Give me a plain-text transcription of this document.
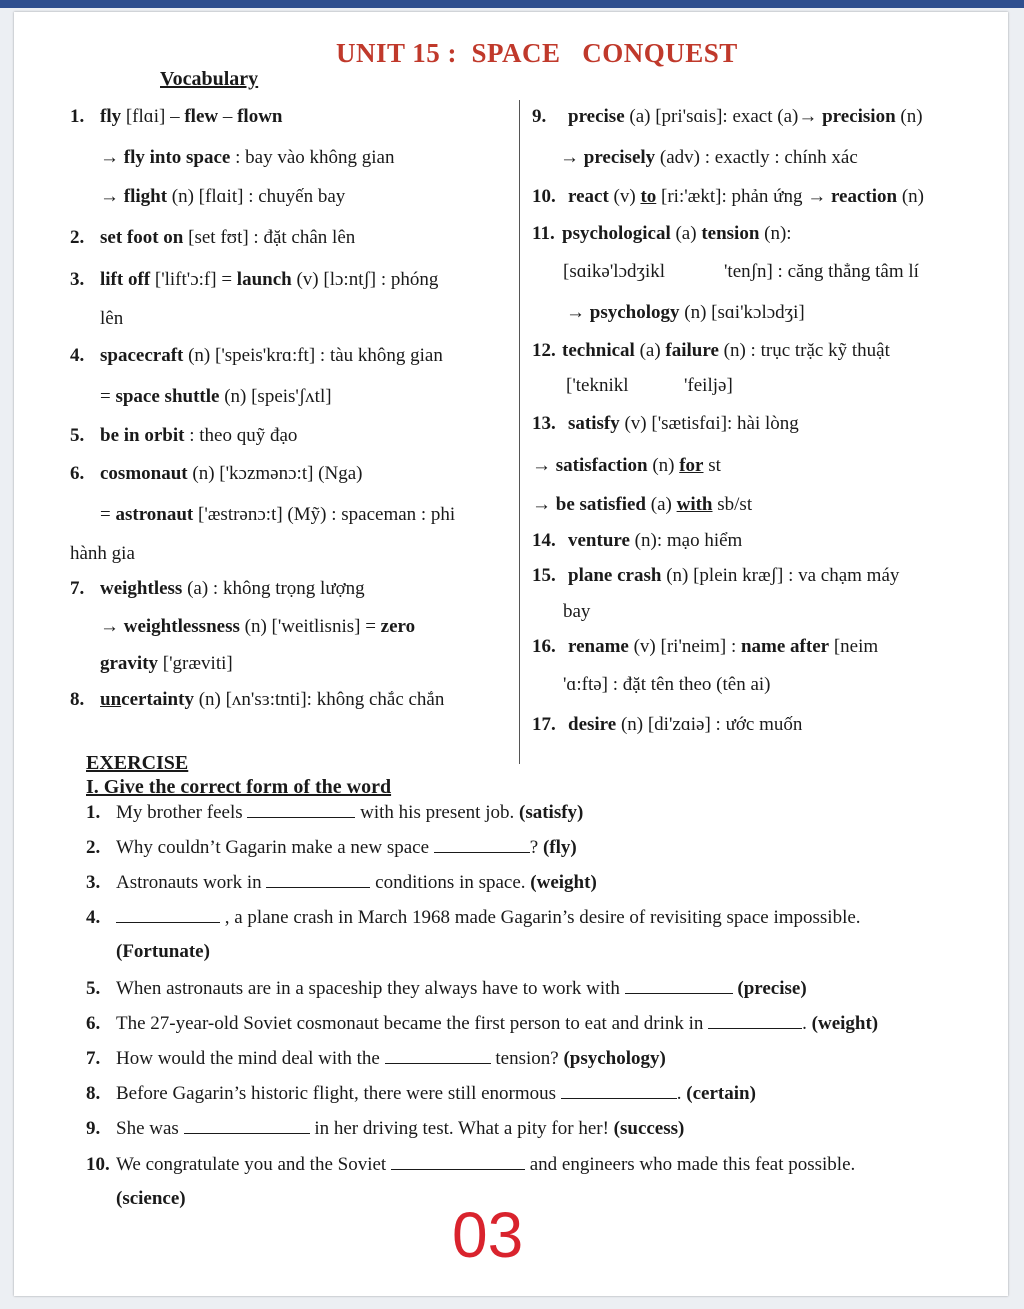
UNIT 15 :  SPACE   CONQUEST
Vocabulary
1. fly [flɑi] – flew – flown
→ fly into space : bay vào không gian
→ flight (n) [flɑit] : chuyến bay
2. set foot on [set fʊt] : đặt chân lên
3. lift off ['lift'ɔ:f] = launch (v) [lɔ:ntʃ] : phóng
lên
4. spacecraft (n) ['speis'krɑ:ft] : tàu không gian
= space shuttle (n) [speis'ʃʌtl]
5. be in orbit : theo quỹ đạo
6. cosmonaut (n) ['kɔzmənɔ:t] (Nga)
= astronaut ['æstrənɔ:t] (Mỹ) : spaceman : phi
hành gia
7. weightless (a) : không trọng lượng
→ weightlessness (n) ['weitlisnis] = zero
gravity ['grӕviti]
8. uncertainty (n) [ʌn'sɜ:tnti]: không chắc chắn
9. precise (a) [pri'sɑis]: exact (a)→ precision (n)
→ precisely (adv) : exactly : chính xác
10. react (v) to [ri:'ӕkt]: phản ứng → reaction (n)
11. psychological (a) tension (n):
[sɑikə'lɔdʒikl	'tenʃn] : căng thẳng tâm lí
→ psychology (n) [sɑi'kɔlɔdʒi]
12. technical (a) failure (n) : trục trặc kỹ thuật
['teknikl	'feiljə]
13. satisfy (v) ['sӕtisfɑi]: hài lòng
→ satisfaction (n) for st
→ be satisfied (a) with sb/st
14. venture (n): mạo hiểm
15. plane crash (n) [plein krӕʃ] : va chạm máy
bay
16. rename (v) [ri'neim] : name after [neim
'ɑ:ftə] : đặt tên theo (tên ai)
17. desire (n) [di'zɑiə] : ước muốn
EXERCISE
I. Give the correct form of the word
1. My brother feels	with his present job. (satisfy)
2. Why couldn’t Gagarin make a new space	? (fly)
3. Astronauts work in	conditions in space. (weight)
4.	, a plane crash in March 1968 made Gagarin’s desire of revisiting space impossible.
(Fortunate)
5. When astronauts are in a spaceship they always have to work with	(precise)
6. The 27-year-old Soviet cosmonaut became the first person to eat and drink in	. (weight)
7. How would the mind deal with the	tension? (psychology)
8. Before Gagarin’s historic flight, there were still enormous	. (certain)
9. She was	in her driving test. What a pity for her! (success)
10. We congratulate you and the Soviet	and engineers who made this feat possible.
(science)
03
